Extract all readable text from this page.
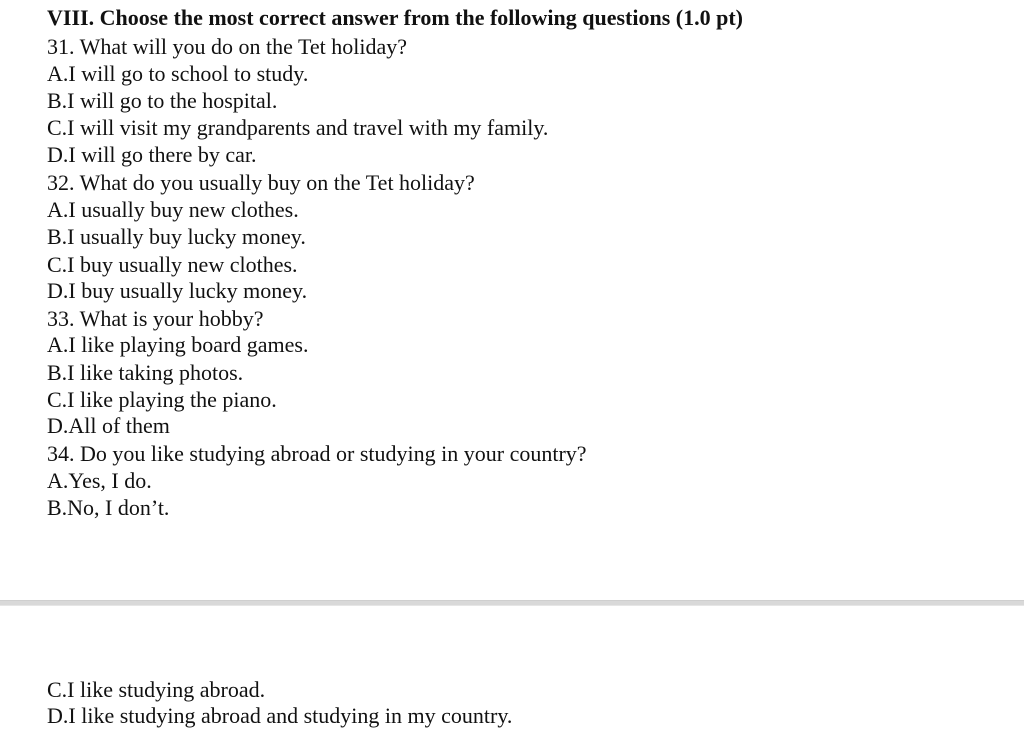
VIII. Choose the most correct answer from the following questions (1.0 pt)
31. What will you do on the Tet holiday?
A.I will go to school to study.
B.I will go to the hospital.
C.I will visit my grandparents and travel with my family.
D.I will go there by car.
32. What do you usually buy on the Tet holiday?
A.I usually buy new clothes.
B.I usually buy lucky money.
C.I buy usually new clothes.
D.I buy usually lucky money.
33. What is your hobby?
A.I like playing board games.
B.I like taking photos.
C.I like playing the piano.
D.All of them
34. Do you like studying abroad or studying in your country?
A.Yes, I do.
B.No, I don’t.
C.I like studying abroad.
D.I like studying abroad and studying in my country.
